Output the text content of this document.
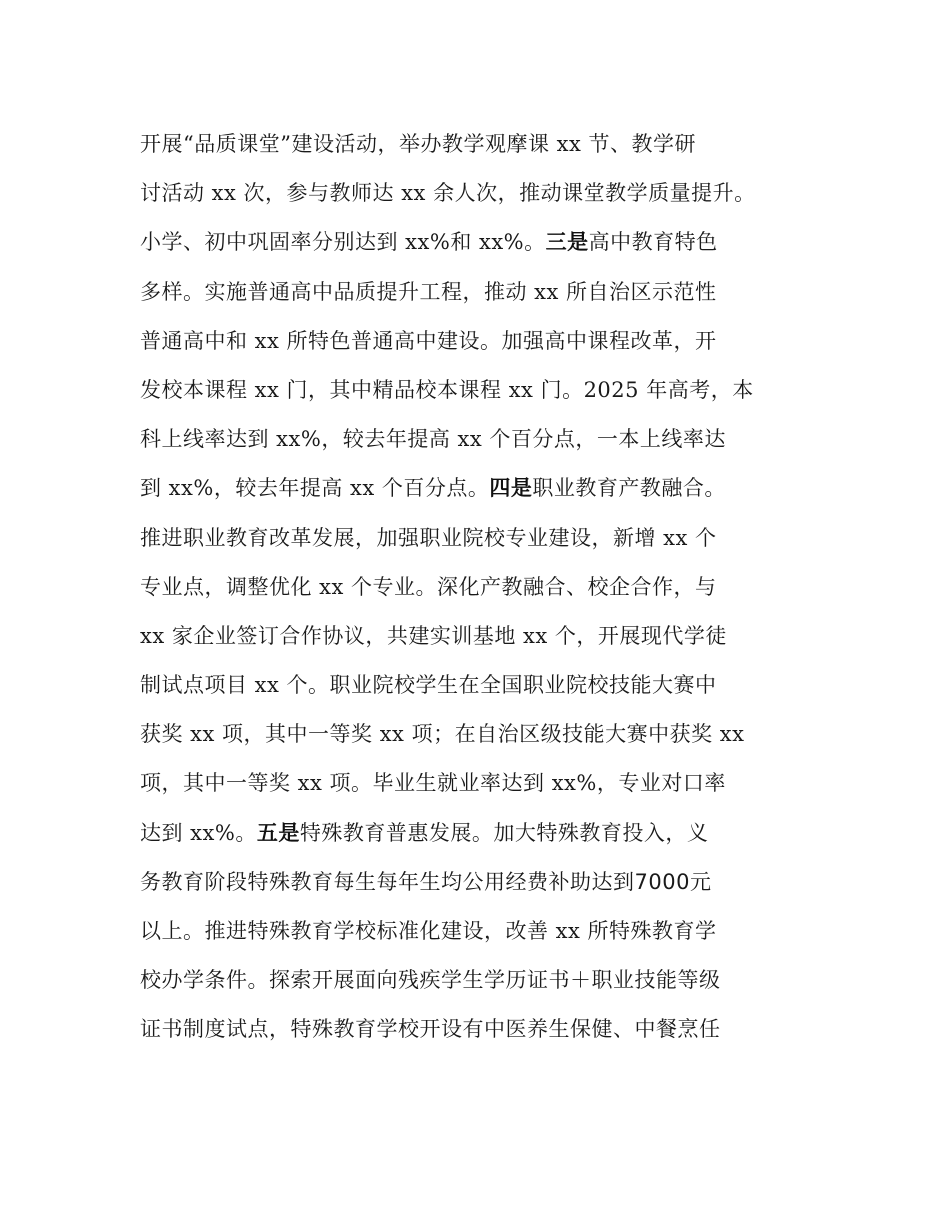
开展“品质课堂”建设活动，举办教学观摩课 xx 节、教学研
讨活动 xx 次，参与教师达 xx 余人次，推动课堂教学质量提升。
小学、初中巩固率分别达到 xx%和 xx%。三是高中教育特色
多样。实施普通高中品质提升工程，推动 xx 所自治区示范性
普通高中和 xx 所特色普通高中建设。加强高中课程改革，开
发校本课程 xx 门，其中精品校本课程 xx 门。2025 年高考，本
科上线率达到 xx%，较去年提高 xx 个百分点，一本上线率达
到 xx%，较去年提高 xx 个百分点。四是职业教育产教融合。
推进职业教育改革发展，加强职业院校专业建设，新增 xx 个
专业点，调整优化 xx 个专业。深化产教融合、校企合作，与
xx 家企业签订合作协议，共建实训基地 xx 个，开展现代学徒
制试点项目 xx 个。职业院校学生在全国职业院校技能大赛中
获奖 xx 项，其中一等奖 xx 项；在自治区级技能大赛中获奖 xx
项，其中一等奖 xx 项。毕业生就业率达到 xx%，专业对口率
达到 xx%。五是特殊教育普惠发展。加大特殊教育投入，义
务教育阶段特殊教育每生每年生均公用经费补助达到7000元
以上。推进特殊教育学校标准化建设，改善 xx 所特殊教育学
校办学条件。探索开展面向残疾学生学历证书＋职业技能等级
证书制度试点，特殊教育学校开设有中医养生保健、中餐烹任
